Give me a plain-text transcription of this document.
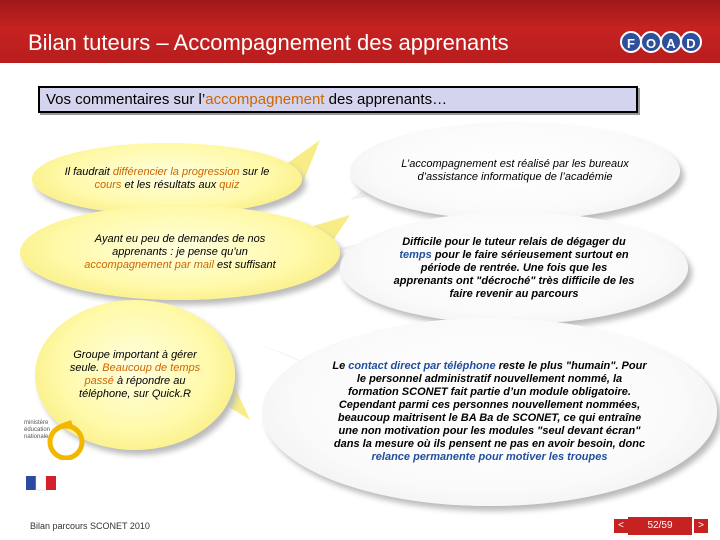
Bilan tuteurs – Accompagnement des apprenants	F O A D
Vos commentaires sur l’accompagnement des apprenants…
Il faudrait différencier la progression sur le cours et les résultats aux quiz
Ayant eu peu de demandes de nos apprenants : je pense qu’un accompagnement par mail est suffisant
Groupe important à gérer seule. Beaucoup de temps passé à répondre au téléphone, sur Quick.R
L’accompagnement est réalisé par les bureaux d’assistance informatique de l’académie
Difficile pour le tuteur relais de dégager du temps pour le faire sérieusement surtout en période de rentrée. Une fois que les apprenants ont "décroché" très difficile de les faire revenir au parcours
Le contact direct par téléphone reste le plus "humain". Pour le personnel administratif nouvellement nommé, la formation SCONET fait partie d’un module obligatoire. Cependant parmi ces personnes nouvellement nommées, beaucoup maitrisent le BA Ba de SCONET, ce qui entraîne une non motivation pour les modules "seul devant écran" dans la mesure où ils pensent ne pas en avoir besoin, donc relance permanente pour motiver les troupes
ministère
éducation
nationale
Bilan parcours SCONET 2010	<	52/59	>
